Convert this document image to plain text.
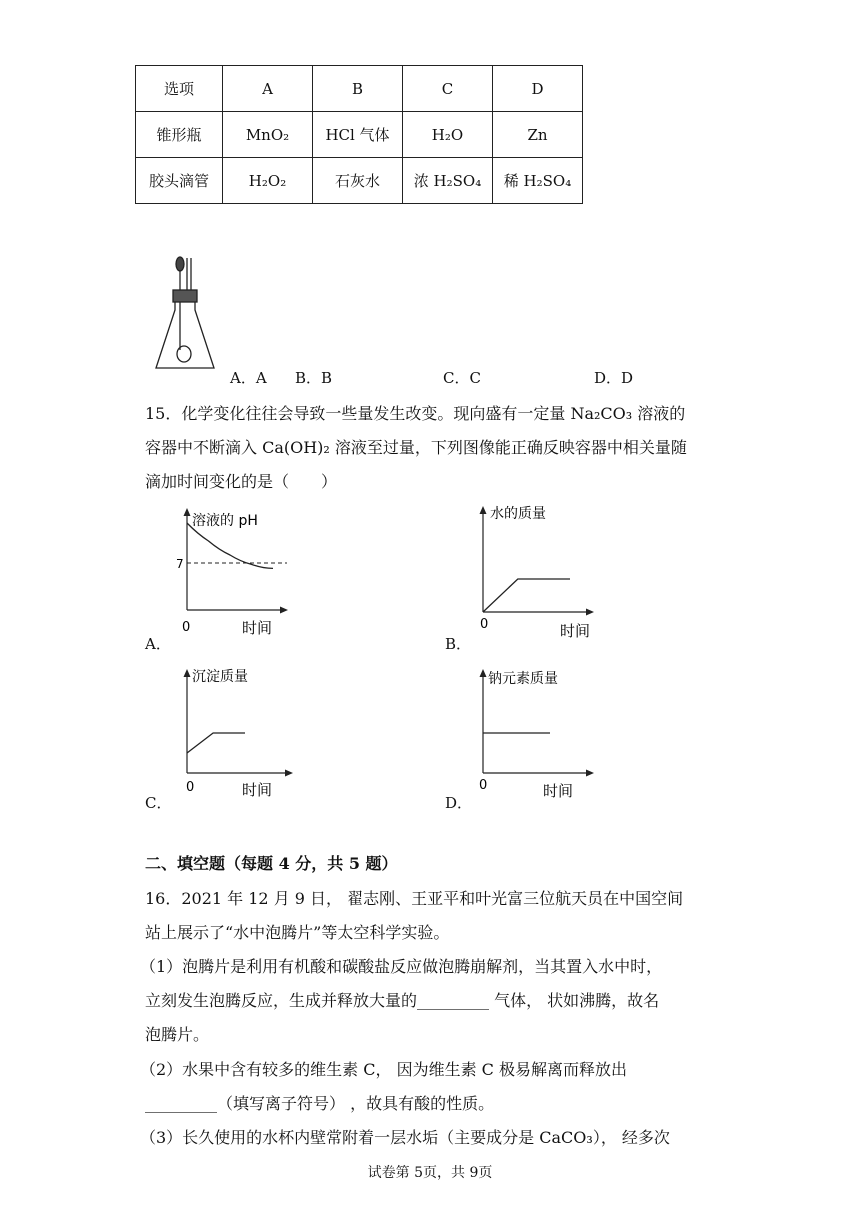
选项	A	B	C	D
锥形瓶	MnO₂	HCl 气体	H₂O	Zn
胶头滴管	H₂O₂	石灰水	浓 H₂SO₄	稀 H₂SO₄
A．A B．B	C．C	D．D
15．化学变化往往会导致一些量发生改变。现向盛有一定量 Na₂CO₃ 溶液的
容器中不断滴入 Ca(OH)₂ 溶液至过量，下列图像能正确反映容器中相关量随
滴加时间变化的是（　　）
溶液的 pH
7
0	时间
A．
水的质量
0	时间
B．
沉淀质量
0	时间
C．
钠元素质量
0	时间
D．
二、填空题（每题 4 分，共 5 题）
16．2021 年 12 月 9 日， 翟志刚、王亚平和叶光富三位航天员在中国空间
站上展示了“水中泡腾片”等太空科学实验。
（1）泡腾片是利用有机酸和碳酸盐反应做泡腾崩解剂，当其置入水中时，
立刻发生泡腾反应，生成并释放大量的_________ 气体， 状如沸腾，故名
泡腾片。
（2）水果中含有较多的维生素 C， 因为维生素 C 极易解离而释放出
_________（填写离子符号） ，故具有酸的性质。
（3）长久使用的水杯内壁常附着一层水垢（主要成分是 CaCO₃）， 经多次
试卷第 5页，共 9页
